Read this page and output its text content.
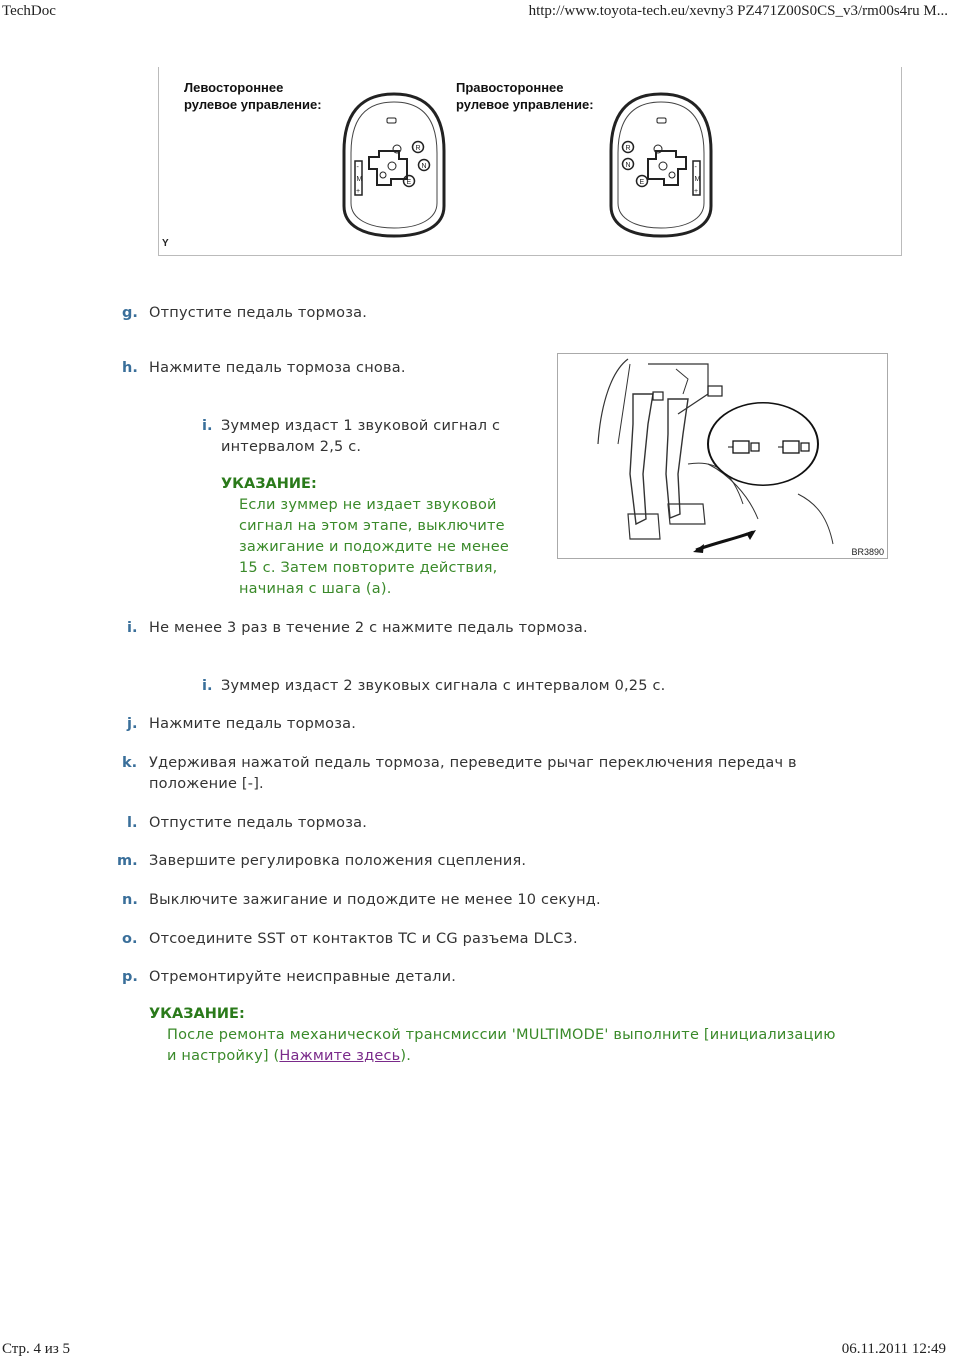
TechDoc	http://www.toyota-tech.eu/xevny3 PZ471Z00S0CS_v3/rm00s4ru M...
Левостороннее
рулевое управление:
Правостороннее
рулевое управление:
R
N
E
-
M
+
R
N
E
-
M
+
Y
BR3890
g. Отпустите педаль тормоза.
h. Нажмите педаль тормоза снова.
i. Зуммер издаст 1 звуковой сигнал с
интервалом 2,5 с.
УКАЗАНИЕ:
Если зуммер не издает звуковой
сигнал на этом этапе, выключите
зажигание и подождите не менее
15 с. Затем повторите действия,
начиная с шага (a).
i. Не менее 3 раз в течение 2 с нажмите педаль тормоза.
i. Зуммер издаст 2 звуковых сигнала с интервалом 0,25 с.
j. Нажмите педаль тормоза.
k. Удерживая нажатой педаль тормоза, переведите рычаг переключения передач в
положение [-].
l. Отпустите педаль тормоза.
m. Завершите регулировка положения сцепления.
n. Выключите зажигание и подождите не менее 10 секунд.
o. Отсоедините SST от контактов TC и CG разъема DLC3.
p. Отремонтируйте неисправные детали.
УКАЗАНИЕ:
После ремонта механической трансмиссии 'MULTIMODE' выполните [инициализацию
и настройку] (Нажмите здесь).
Стр. 4 из 5	06.11.2011 12:49
